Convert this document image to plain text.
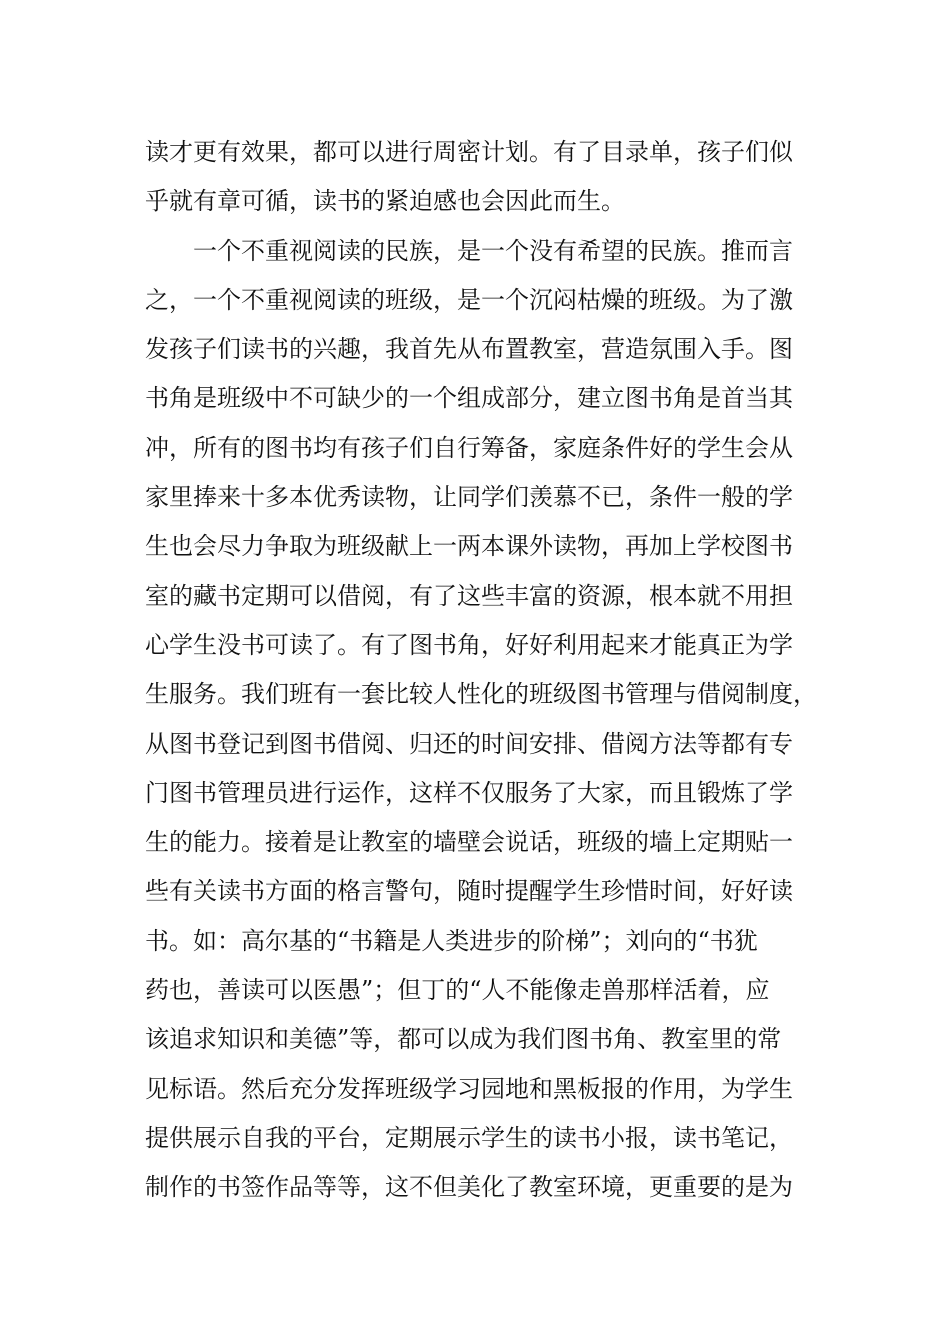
读才更有效果，都可以进行周密计划。有了目录单，孩子们似
乎就有章可循，读书的紧迫感也会因此而生。
　　一个不重视阅读的民族，是一个没有希望的民族。推而言
之，一个不重视阅读的班级，是一个沉闷枯燥的班级。为了激
发孩子们读书的兴趣，我首先从布置教室，营造氛围入手。图
书角是班级中不可缺少的一个组成部分，建立图书角是首当其
冲，所有的图书均有孩子们自行筹备，家庭条件好的学生会从
家里捧来十多本优秀读物，让同学们羡慕不已，条件一般的学
生也会尽力争取为班级献上一两本课外读物，再加上学校图书
室的藏书定期可以借阅，有了这些丰富的资源，根本就不用担
心学生没书可读了。有了图书角，好好利用起来才能真正为学
生服务。我们班有一套比较人性化的班级图书管理与借阅制度，
从图书登记到图书借阅、归还的时间安排、借阅方法等都有专
门图书管理员进行运作，这样不仅服务了大家，而且锻炼了学
生的能力。接着是让教室的墙壁会说话，班级的墙上定期贴一
些有关读书方面的格言警句，随时提醒学生珍惜时间，好好读
书。如：高尔基的“书籍是人类进步的阶梯”；刘向的“书犹
药也，善读可以医愚”；但丁的“人不能像走兽那样活着，应
该追求知识和美德”等，都可以成为我们图书角、教室里的常
见标语。然后充分发挥班级学习园地和黑板报的作用，为学生
提供展示自我的平台，定期展示学生的读书小报，读书笔记，
制作的书签作品等等，这不但美化了教室环境，更重要的是为
